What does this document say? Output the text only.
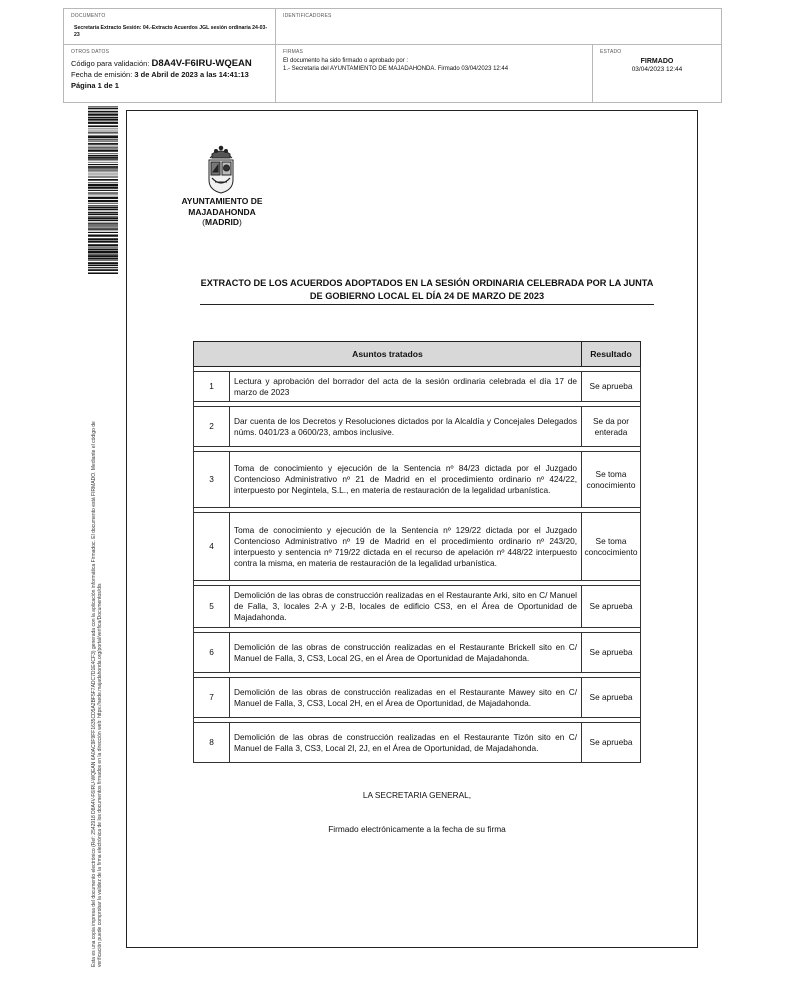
DOCUMENTO
Secretaría Extracto Sesión: 04.-Extracto Acuerdos JGL sesión ordinaria 24-03-23
IDENTIFICADORES
OTROS DATOS
Código para validación: D8A4V-F6IRU-WQEAN
Fecha de emisión: 3 de Abril de 2023 a las 14:41:13
Página 1 de 1
FIRMAS
El documento ha sido firmado o aprobado por :
1.- Secretaria del AYUNTAMIENTO DE MAJADAHONDA. Firmado 03/04/2023 12:44
ESTADO
FIRMADO
03/04/2023 12:44
Esta es una copia impresa del documento electrónico (Ref: 2542918 D8A4V-F6IRU-WQEAN 6A0AC9F9FF1635CD5A2BF5F7ADC7D1E4CF3) generada con la aplicación informática Firmadoc. El documento está FIRMADO. Mediante el código de verificación puede comprobar la validez de la firma electrónica de los documentos firmados en la dirección web: https://sede.majadahonda.org/portal/verifica/Documentos/dis
AYUNTAMIENTO DE
MAJADAHONDA
(MADRID)
EXTRACTO DE LOS ACUERDOS ADOPTADOS EN LA SESIÓN ORDINARIA CELEBRADA POR LA JUNTA DE GOBIERNO LOCAL EL DÍA 24 DE MARZO DE 2023
Asuntos tratados		Resultado

1	Lectura y aprobación del borrador del acta de la sesión ordinaria celebrada el día 17 de marzo de 2023	Se aprueba

2	Dar cuenta de los Decretos y Resoluciones dictados por la Alcaldía y Concejales Delegados núms. 0401/23 a 0600/23, ambos inclusive.	Se da por enterada

3	Toma de conocimiento y ejecución de la Sentencia nº 84/23 dictada por el Juzgado Contencioso Administrativo nº 21 de Madrid en el procedimiento ordinario nº 424/22, interpuesto por Negintela, S.L., en materia de restauración de la legalidad urbanística.	Se toma conocimiento

4	Toma de conocimiento y ejecución de la Sentencia nº 129/22 dictada por el Juzgado Contencioso Administrativo nº 19 de Madrid en el procedimiento ordinario nº 243/20, interpuesto y sentencia nº 719/22 dictada en el recurso de apelación nº 448/22 interpuesto contra la misma, en materia de restauración de la legalidad urbanística.	Se toma concocimiento

5	Demolición de las obras de construcción realizadas en el Restaurante Arki, sito en C/ Manuel de Falla, 3, locales 2-A y 2-B, locales de edificio CS3, en el Área de Oportunidad de Majadahonda.	Se aprueba

6	Demolición de las obras de construcción realizadas en el Restaurante Brickell sito en C/ Manuel de Falla, 3, CS3, Local 2G, en el Área de Oportunidad de Majadahonda.	Se aprueba

7	Demolición de las obras de construcción realizadas en el Restaurante Mawey sito en C/ Manuel de Falla, 3, CS3, Local 2H, en el Área de Oportunidad, de Majadahonda.	Se aprueba

8	Demolición de las obras de construcción realizadas en el Restaurante Tizón sito en C/ Manuel de Falla 3, CS3, Local 2I, 2J, en el Área de Oportunidad, de Majadahonda.	Se aprueba
LA SECRETARIA GENERAL,
Firmado electrónicamente a la fecha de su firma
